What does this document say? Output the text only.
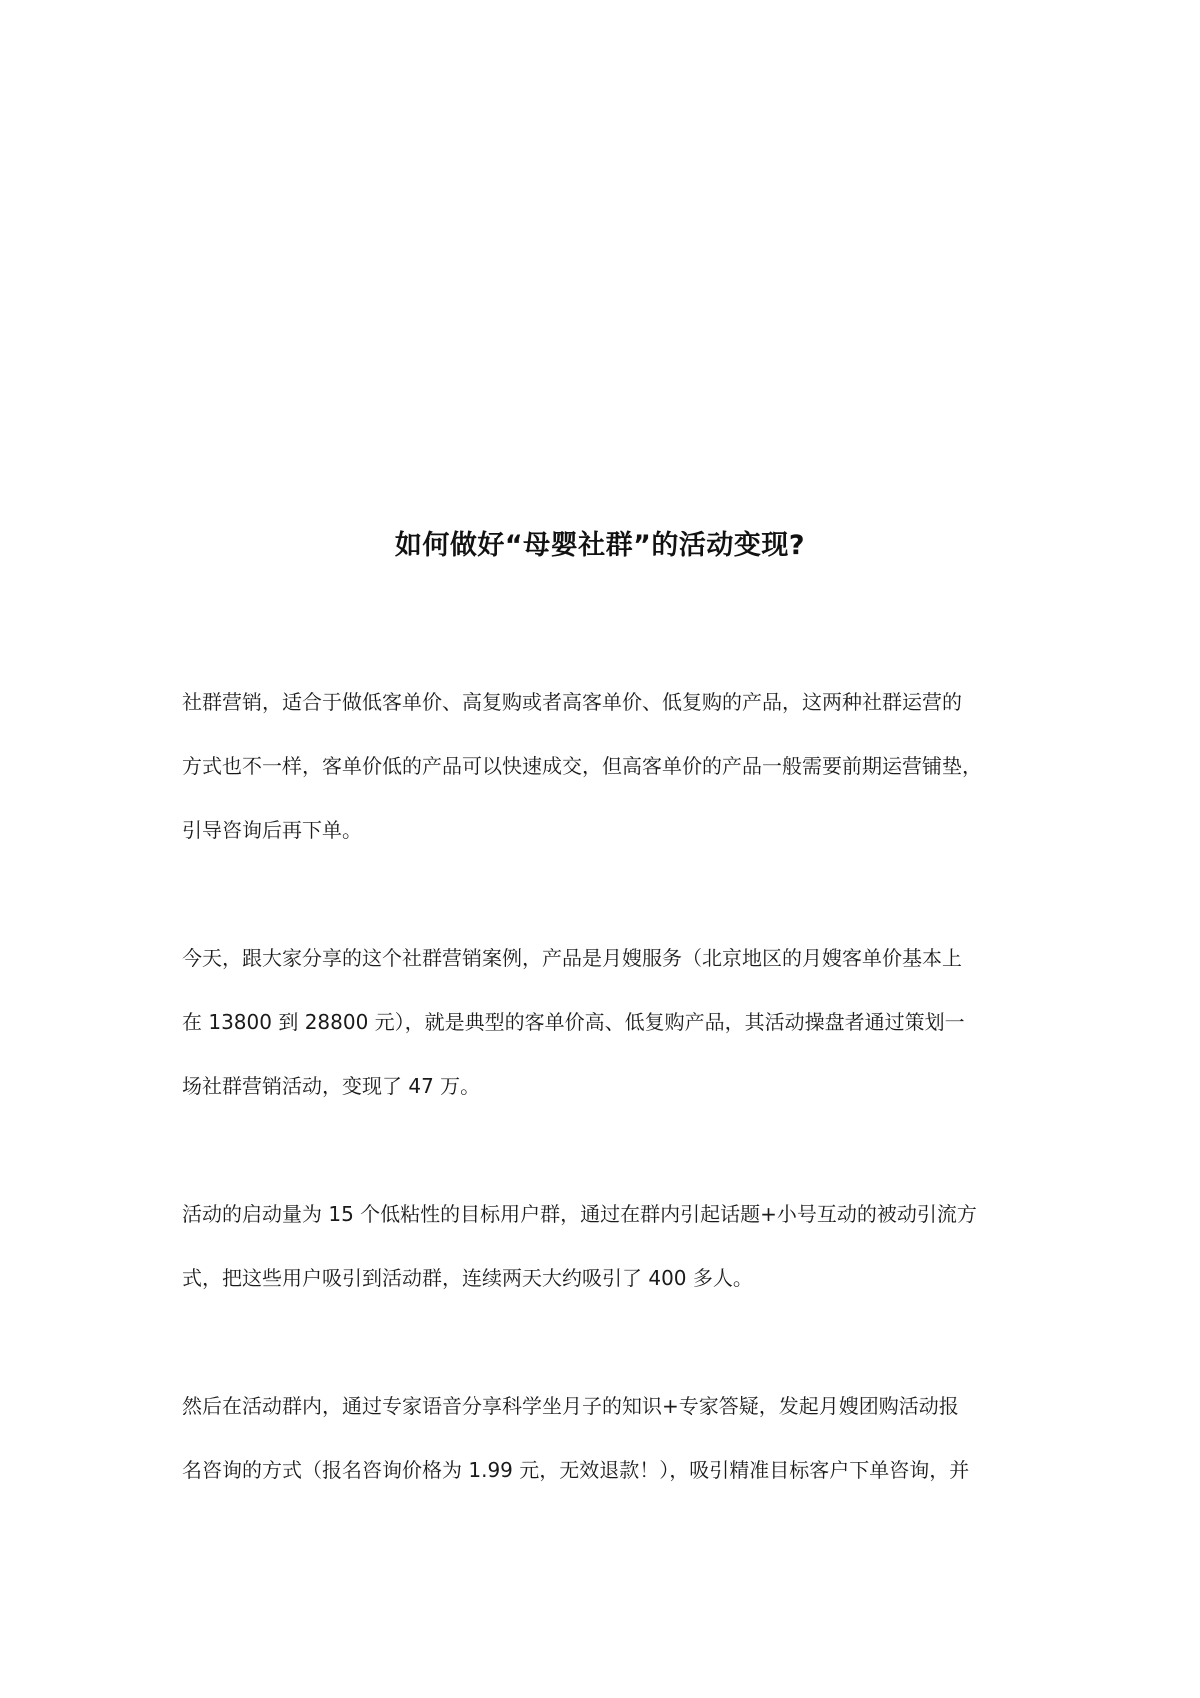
如何做好“母婴社群”的活动变现?
社群营销，适合于做低客单价、高复购或者高客单价、低复购的产品，这两种社群运营的
方式也不一样，客单价低的产品可以快速成交，但高客单价的产品一般需要前期运营铺垫，
引导咨询后再下单。
今天，跟大家分享的这个社群营销案例，产品是月嫂服务（北京地区的月嫂客单价基本上
在 13800 到 28800 元），就是典型的客单价高、低复购产品，其活动操盘者通过策划一
场社群营销活动，变现了 47 万。
活动的启动量为 15 个低粘性的目标用户群，通过在群内引起话题+小号互动的被动引流方
式，把这些用户吸引到活动群，连续两天大约吸引了 400 多人。
然后在活动群内，通过专家语音分享科学坐月子的知识+专家答疑，发起月嫂团购活动报
名咨询的方式（报名咨询价格为 1.99 元，无效退款！），吸引精准目标客户下单咨询，并
